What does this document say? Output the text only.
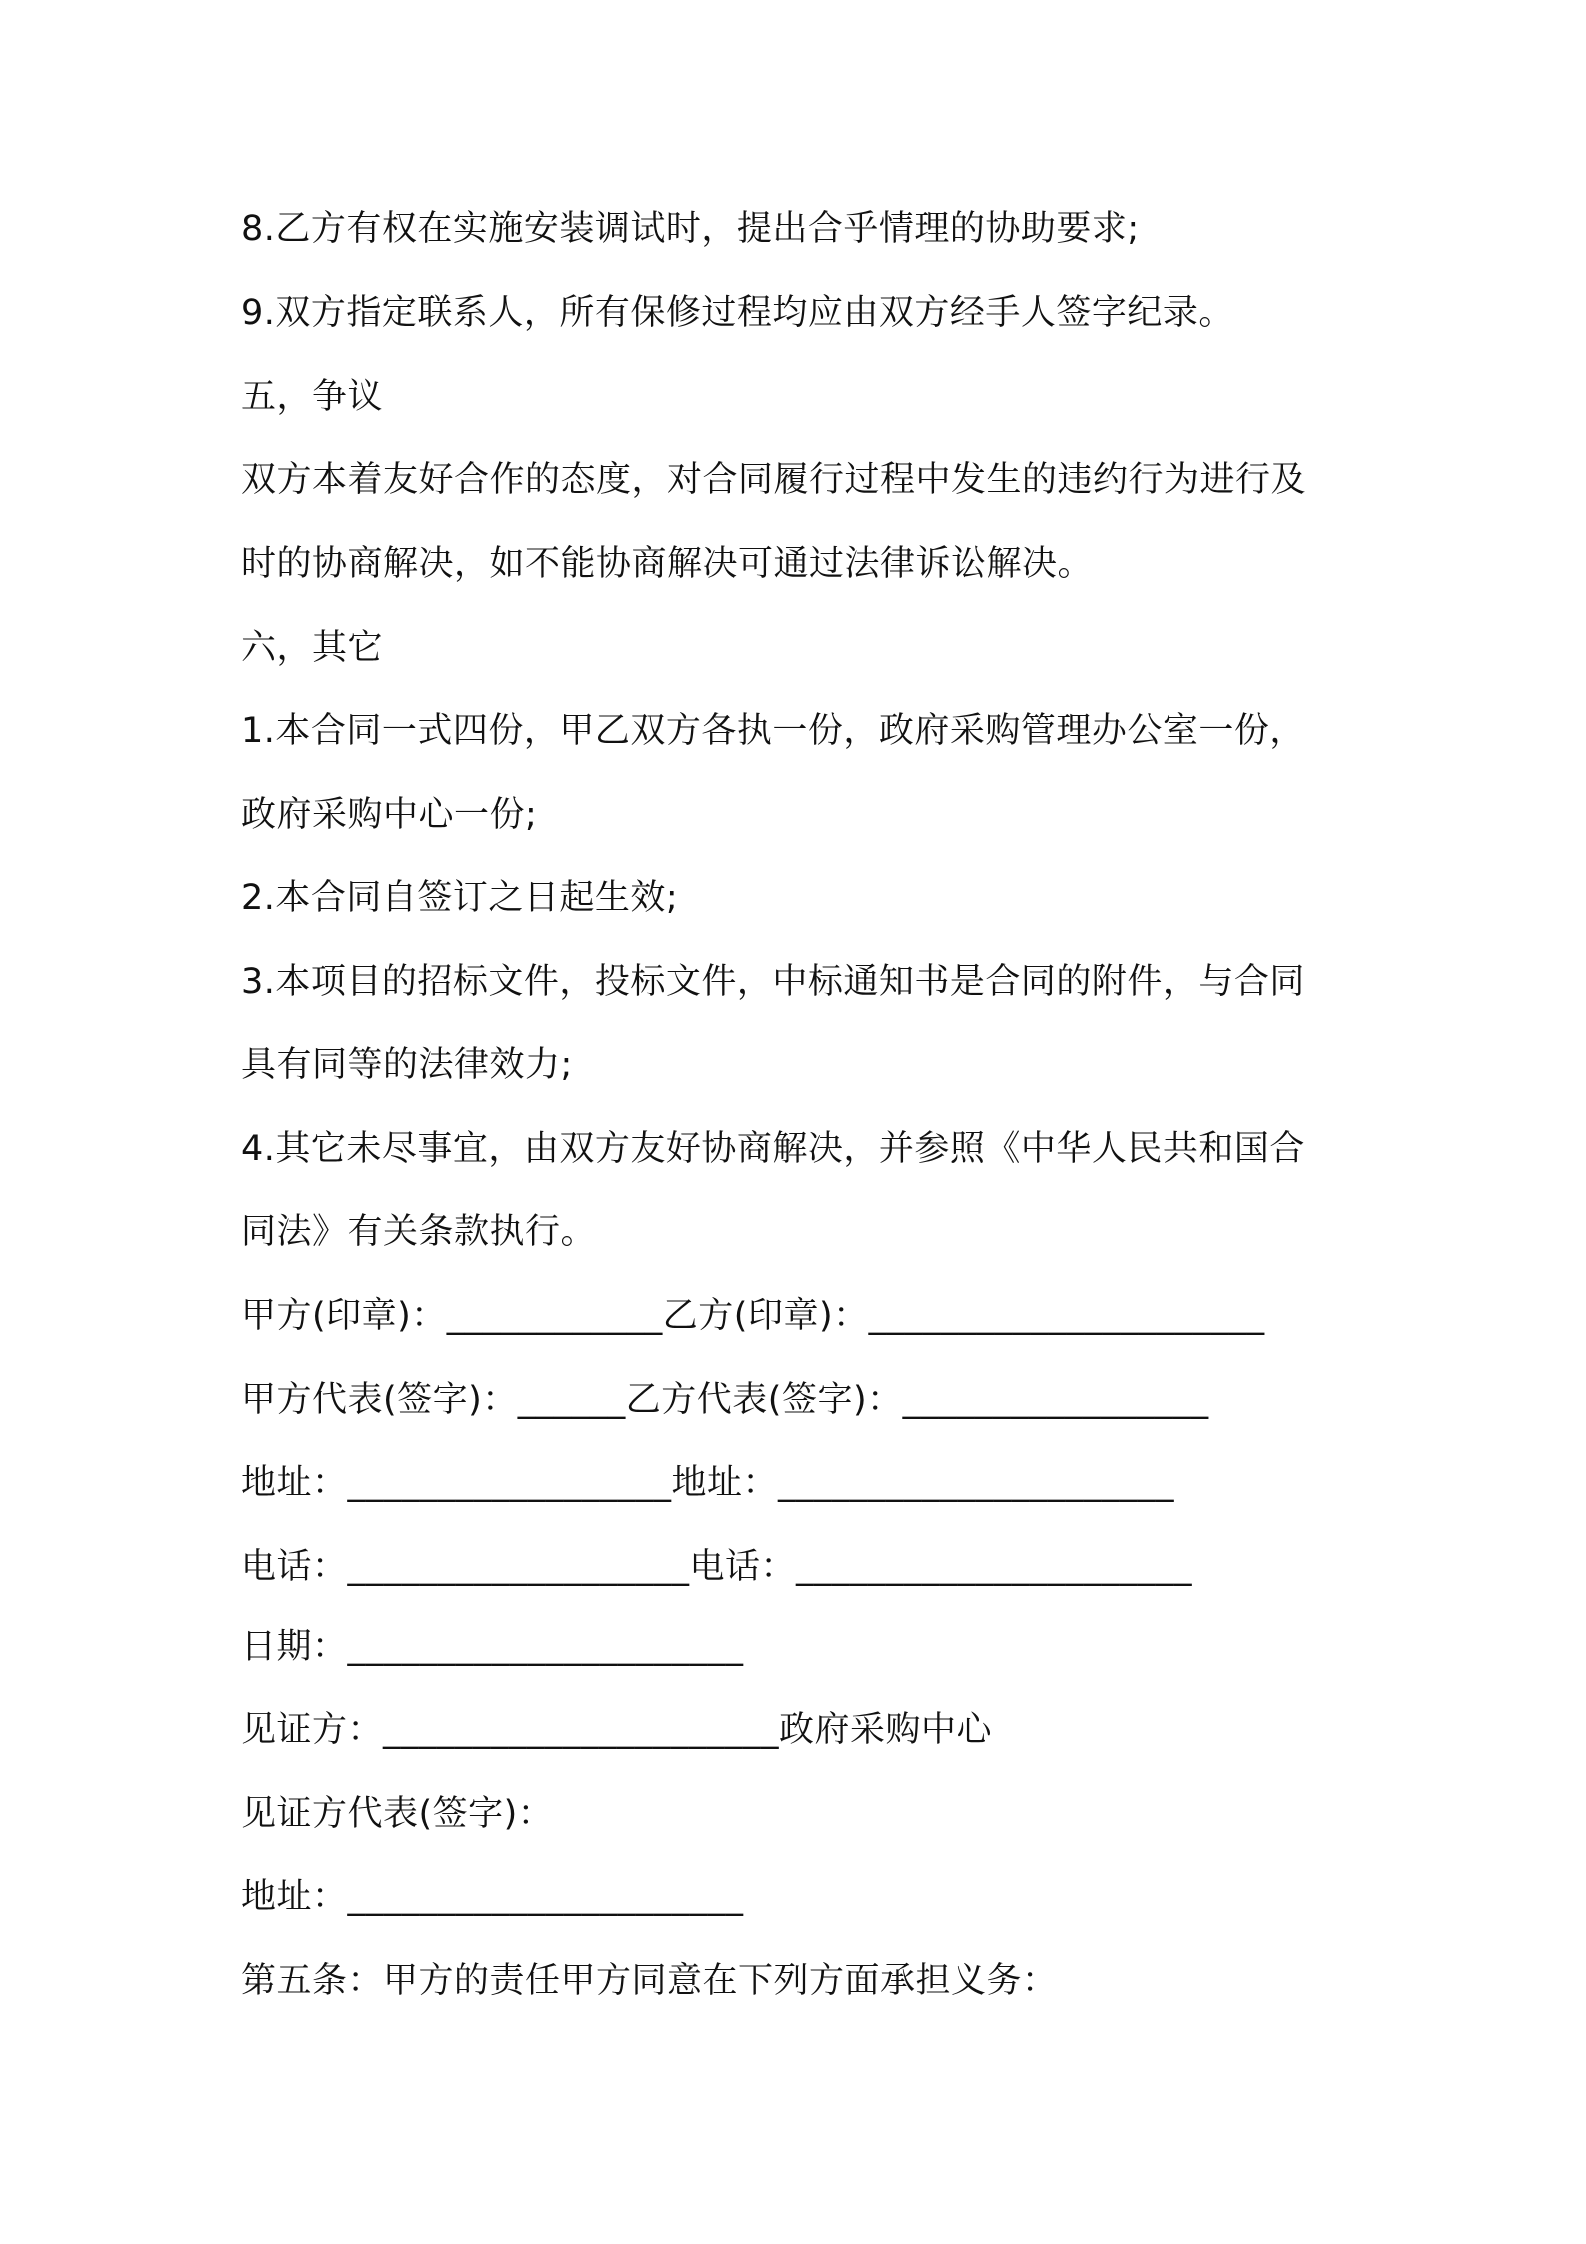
8.乙方有权在实施安装调试时，提出合乎情理的协助要求;
9.双方指定联系人，所有保修过程均应由双方经手人签字纪录。
五，争议
双方本着友好合作的态度，对合同履行过程中发生的违约行为进行及
时的协商解决，如不能协商解决可通过法律诉讼解决。
六，其它
1.本合同一式四份，甲乙双方各执一份，政府采购管理办公室一份，
政府采购中心一份;
2.本合同自签订之日起生效;
3.本项目的招标文件，投标文件，中标通知书是合同的附件，与合同
具有同等的法律效力;
4.其它未尽事宜，由双方友好协商解决，并参照《中华人民共和国合
同法》有关条款执行。
甲方(印章)：____________乙方(印章)：______________________
甲方代表(签字)：______乙方代表(签字)：_________________
地址：__________________地址：______________________
电话：___________________电话：______________________
日期：______________________
见证方：______________________政府采购中心
见证方代表(签字)：
地址：______________________
第五条：甲方的责任甲方同意在下列方面承担义务：
